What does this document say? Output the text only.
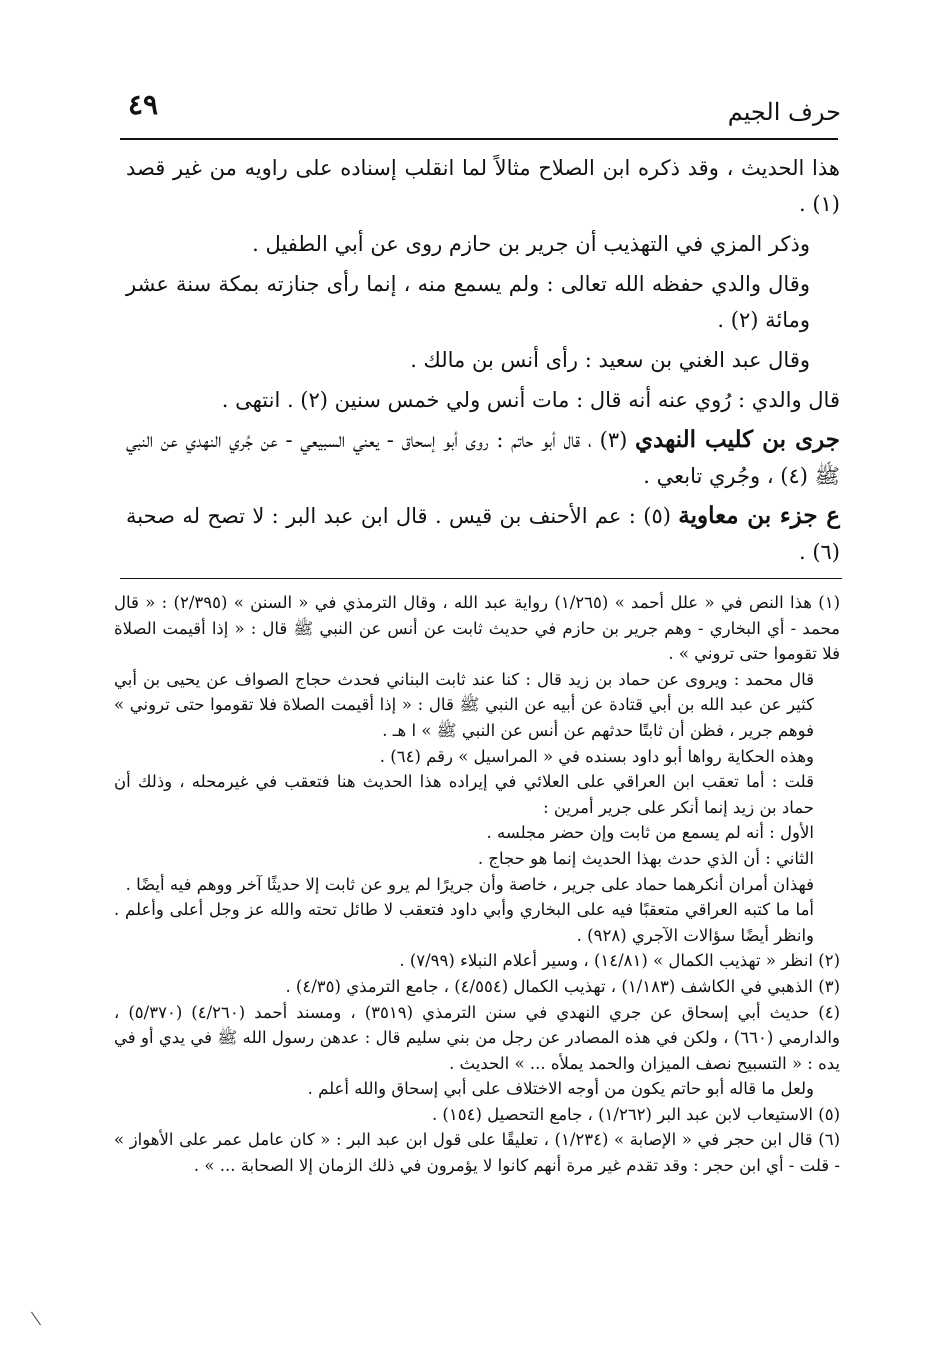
٤٩	حرف الجيم

هذا الحديث ، وقد ذكره ابن الصلاح مثالاً لما انقلب إسناده على راويه من غير قصد (١) .

وذكر المزي في التهذيب أن جرير بن حازم روى عن أبي الطفيل .

وقال والدي حفظه الله تعالى : ولم يسمع منه ، إنما رأى جنازته بمكة سنة عشر ومائة (٢) .

وقال عبد الغني بن سعيد : رأى أنس بن مالك .

قال والدي : رُوي عنه أنه قال : مات أنس ولي خمس سنين (٢) . انتهى .

جرى بن كليب النهدي (٣) ، قال أبو حاتم : روى أبو إسحاق - يعني السبيعي - عن جُري النهدي عن النبي ﷺ (٤) ، وجُري تابعي .

ع جزء بن معاوية (٥) : عم الأحنف بن قيس . قال ابن عبد البر : لا تصح له صحبة (٦) .

(١) هذا النص في « علل أحمد » (١/٢٦٥) رواية عبد الله ، وقال الترمذي في « السنن » (٢/٣٩٥) : « قال محمد - أي البخاري - وهم جرير بن حازم في حديث ثابت عن أنس عن النبي ﷺ قال : « إذا أقيمت الصلاة فلا تقوموا حتى تروني » .

قال محمد : ويروى عن حماد بن زيد قال : كنا عند ثابت البناني فحدث حجاج الصواف عن يحيى بن أبي كثير عن عبد الله بن أبي قتادة عن أبيه عن النبي ﷺ قال : « إذا أقيمت الصلاة فلا تقوموا حتى تروني » فوهم جرير ، فظن أن ثابتًا حدثهم عن أنس عن النبي ﷺ » ا هـ .

وهذه الحكاية رواها أبو داود بسنده في « المراسيل » رقم (٦٤) .

قلت : أما تعقب ابن العراقي على العلائي في إيراده هذا الحديث هنا فتعقب في غيرمحله ، وذلك أن حماد بن زيد إنما أنكر على جرير أمرين :

الأول : أنه لم يسمع من ثابت وإن حضر مجلسه .

الثاني : أن الذي حدث بهذا الحديث إنما هو حجاج .

فهذان أمران أنكرهما حماد على جرير ، خاصة وأن جريرًا لم يرو عن ثابت إلا حديثًا آخر ووهم فيه أيضًا .

أما ما كتبه العراقي متعقبًا فيه على البخاري وأبي داود فتعقب لا طائل تحته والله عز وجل أعلى وأعلم . وانظر أيضًا سؤالات الآجري (٩٢٨) .

(٢) انظر « تهذيب الكمال » (١٤/٨١) ، وسير أعلام النبلاء (٧/٩٩) .

(٣) الذهبي في الكاشف (١/١٨٣) ، تهذيب الكمال (٤/٥٥٤) ، جامع الترمذي (٤/٣٥) .

(٤) حديث أبي إسحاق عن جري النهدي في سنن الترمذي (٣٥١٩) ، ومسند أحمد (٤/٢٦٠) (٥/٣٧٠) ، والدارمي (٦٦٠) ، ولكن في هذه المصادر عن رجل من بني سليم قال : عدهن رسول الله ﷺ في يدي أو في يده : « التسبيح نصف الميزان والحمد يملأه ... » الحديث .

ولعل ما قاله أبو حاتم يكون من أوجه الاختلاف على أبي إسحاق والله أعلم .

(٥) الاستيعاب لابن عبد البر (١/٢٦٢) ، جامع التحصيل (١٥٤) .

(٦) قال ابن حجر في « الإصابة » (١/٢٣٤) ، تعليقًا على قول ابن عبد البر : « كان عامل عمر على الأهواز » - قلت - أي ابن حجر : وقد تقدم غير مرة أنهم كانوا لا يؤمرون في ذلك الزمان إلا الصحابة ... » .
